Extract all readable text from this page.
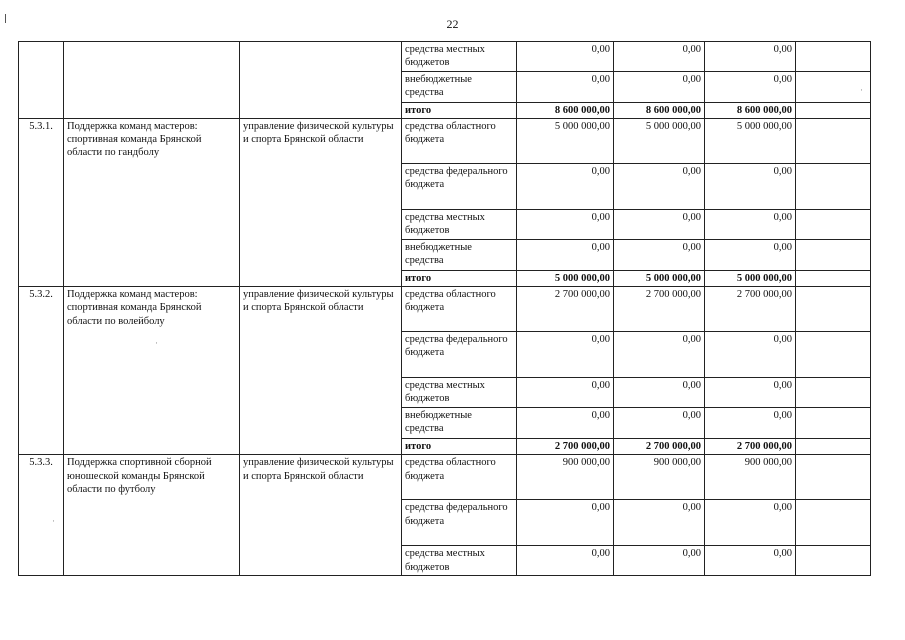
22
			средства местных бюджетов	0,00	0,00	0,00	
			внебюджетные средства	0,00	0,00	0,00	
			итого	8 600 000,00	8 600 000,00	8 600 000,00	
5.3.1.	Поддержка команд мастеров: спортивная команда Брянской области по гандболу	управление физической культуры и спорта Брянской области	средства областного бюджета	5 000 000,00	5 000 000,00	5 000 000,00	
			средства федерального бюджета	0,00	0,00	0,00	
			средства местных бюджетов	0,00	0,00	0,00	
			внебюджетные средства	0,00	0,00	0,00	
			итого	5 000 000,00	5 000 000,00	5 000 000,00	
5.3.2.	Поддержка команд мастеров: спортивная команда Брянской области по волейболу	управление физической культуры и спорта Брянской области	средства областного бюджета	2 700 000,00	2 700 000,00	2 700 000,00	
			средства федерального бюджета	0,00	0,00	0,00	
			средства местных бюджетов	0,00	0,00	0,00	
			внебюджетные средства	0,00	0,00	0,00	
			итого	2 700 000,00	2 700 000,00	2 700 000,00	
5.3.3.	Поддержка спортивной сборной юношеской команды Брянской области по футболу	управление физической культуры и спорта Брянской области	средства областного бюджета	900 000,00	900 000,00	900 000,00	
			средства федерального бюджета	0,00	0,00	0,00	
			средства местных бюджетов	0,00	0,00	0,00	
·
·
·
